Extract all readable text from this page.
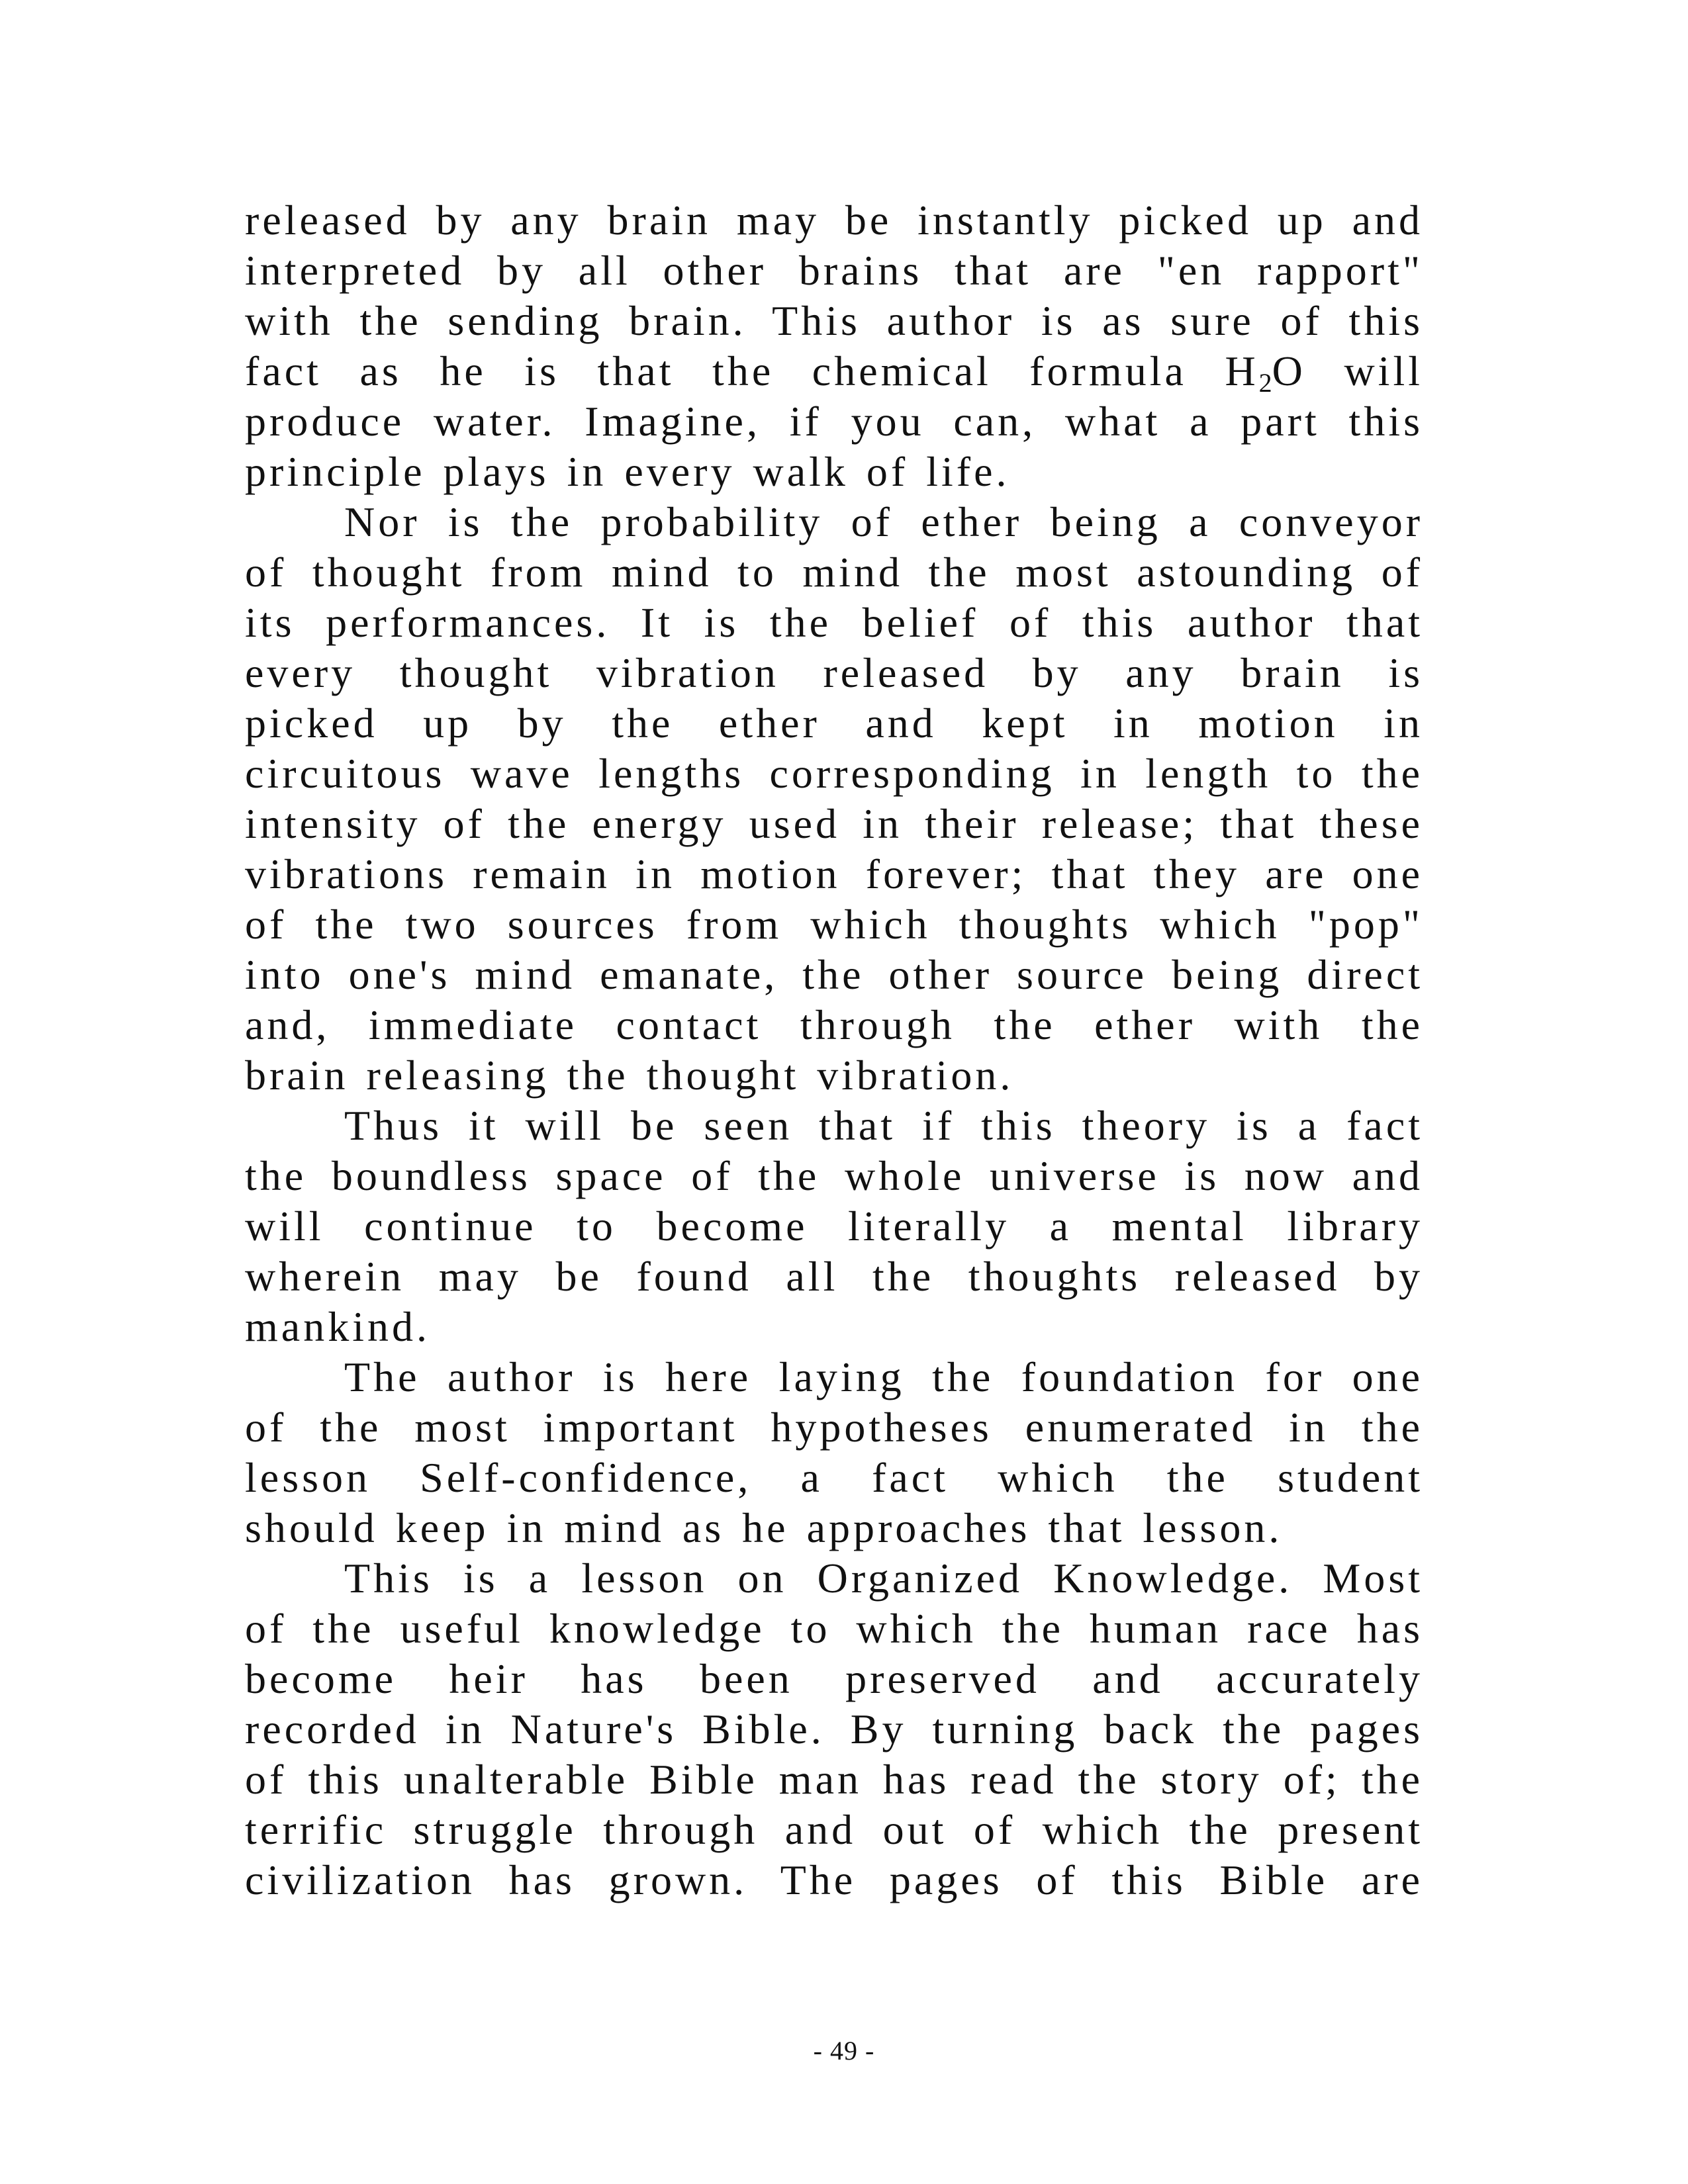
released by any brain may be instantly picked up and
interpreted by all other brains that are "en rapport"
with the sending brain. This author is as sure of this
fact as he is that the chemical formula $H_2O$ will
produce water. Imagine, if you can, what a part this
principle plays in every walk of life.
Nor is the probability of ether being a conveyor
of thought from mind to mind the most astounding of
its performances. It is the belief of this author that
every thought vibration released by any brain is
picked up by the ether and kept in motion in
circuitous wave lengths corresponding in length to the
intensity of the energy used in their release; that these
vibrations remain in motion forever; that they are one
of the two sources from which thoughts which "pop"
into one's mind emanate, the other source being direct
and, immediate contact through the ether with the
brain releasing the thought vibration.
Thus it will be seen that if this theory is a fact
the boundless space of the whole universe is now and
will continue to become literally a mental library
wherein may be found all the thoughts released by
mankind.
The author is here laying the foundation for one
of the most important hypotheses enumerated in the
lesson Self-confidence, a fact which the student
should keep in mind as he approaches that lesson.
This is a lesson on Organized Knowledge. Most
of the useful knowledge to which the human race has
become heir has been preserved and accurately
recorded in Nature's Bible. By turning back the pages
of this unalterable Bible man has read the story of; the
terrific struggle through and out of which the present
civilization has grown. The pages of this Bible are
- 49 -
